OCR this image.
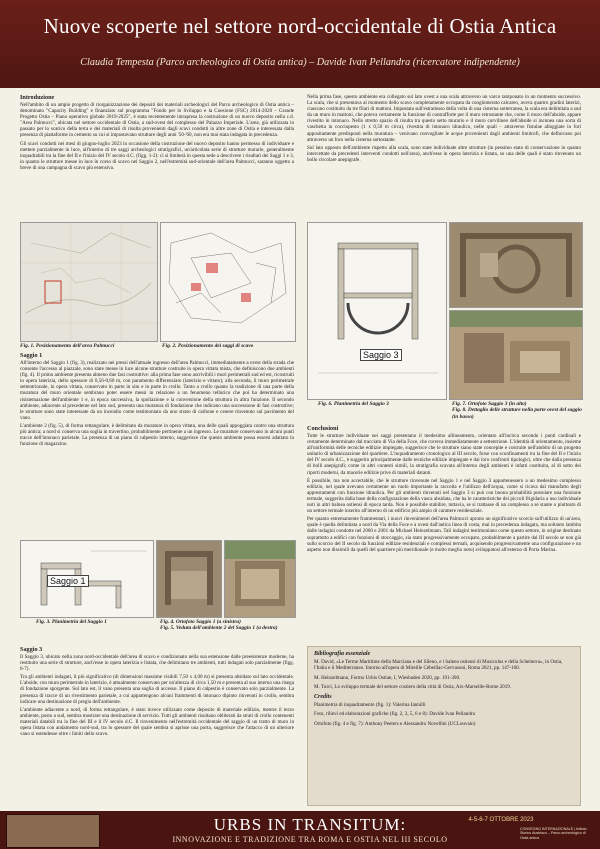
Nuove scoperte nel settore nord-occidentale di Ostia Antica
Claudia Tempesta (Parco archeologico di Ostia antica) – Davide Ivan Pellandra (ricercatore indipendente)
Introduzione

Nell'ambito di un ampio progetto di riorganizzazione dei depositi dei materiali archeologici del Parco archeologico di Ostia antica – denominato "Capacity Building" e finanziato sul programma "Fondo per lo Sviluppo e la Coesione (FSC) 2014-2020 – Grande Progetto Ostia – Piano operativo globale 2019-2025", è stata recentemente intrapresa la costruzione di un nuovo deposito nella c.d. "Area Palmucci", ubicata nel settore occidentale di Ostia, a sud-ovest del complesso del Palazzo Imperiale. L'area, già utilizzata in passato per lo scarico della terra e dei materiali di risulta provenienti dagli scavi condotti in altre zone di Ostia e interessata dalla presenza di piattaforme in cemento su cui si impostavano strutture degli anni '50-'60, non era mai stata indagata in precedenza.

Gli scavi condotti nei mesi di giugno-luglio 2023 in occasione della costruzione del nuovo deposito hanno permesso di individuare e mettere parzialmente in luce, all'interno di tre saggi archeologici stratigrafici, un'articolata serie di strutture murarie, generalmente inquadrabili tra la fine del II e l'inizio del IV secolo d.C. (figg. 1-2): ci si limiterà in questa sede a descrivere i risultati dei Saggi 1 e 3, in quanto le strutture messe in luce in corso di scavo nel Saggio 2, nell'estremità sud-orientale dell'area Palmucci, saranno oggetto a breve di una campagna di scavo più estensiva.

Fig. 1. Posizionamento dell'area Palmucci	Fig. 2. Posizionamento dei saggi di scavo
Saggio 1

All'interno del Saggio 1 (fig. 3), realizzato nei pressi dell'attuale ingresso dell'area Palmucci, immediatamente a ovest della strada che consente l'accesso al piazzale, sono state messe in luce alcune strutture costruite in opera vittata mista, che definiscono due ambienti (fig. 4). Il primo ambiente presenta almeno due fasi costruttive: alla prima fase sono ascrivibili i muri perimetrali sud ed est, ricostruiti in opera laterizia, dello spessore di 0,56-0,60 m, con paramento differenziato (laterizio e vittato); alla seconda, il muro perimetrale settentrionale, in opera vittata, conservato in parte in situ e in parte in crollo. Tanto a crollo quanto la tradizione di una parte della muratura del muro orientale sembrano poter essere messi in relazione a un fenomeno tellurico che poi ha determinato una risistemazione dell'ambiente 1 e, in epoca successiva, la spoliazione e la conversione della struttura in altra funzione. Il secondo ambiente, adiacente al precedente nel lato sud, presenta una muratura di fondazione che indicano una successione di fasi costruttive; le strutture sono state interessate da un incendio come testimoniato da uno strato di carbone e cenere rinvenuto sul pavimento del vano.

L'ambiente 2 (fig. 5), di forma rettangolare, è delimitato da murature in opera vittata, una delle quali appoggiata contro una struttura più antica; a nord si conserva una soglia in travertino, probabilmente pertinente a un ingresso. Le murature conservano in alcuni punti tracce dell'intonaco parietale. La presenza di un piano di calpestio interno, suggerisce che questo ambiente possa essersi adattato in funzione di magazzino.

Saggio 1
Fig. 3. Planimetria del Saggio 1	Fig. 4. Ortofoto Saggio 1 (a sinistra)
Fig. 5. Veduta dell'ambiente 2 del Saggio 1 (a destra)
Saggio 3

Il Saggio 3, ubicato nella zona nord-occidentale dell'area di scavo e condizionato nella sua estensione dalle preesistenze moderne, ha restituito una serie di strutture, anch'esse in opera laterizia e listata, che delimitano tre ambienti, tutti indagati solo parzialmente (figg. 6-7).

Tra gli ambienti indagati, il più significativo (di dimensioni massime visibili 7,50 x 4,00 m) si presenta absidato sul lato occidentale. L'abside, con muro perimetrale in laterizio, è attualmente conservato per un'altezza di circa 1,50 m e presenta al suo interno una risega di fondazione sporgente. Sul lato est, il vano presenta una soglia di accesso. Il piano di calpestio è conservato solo parzialmente. La presenza di tracce di un rivestimento parietale, a cui appartengono alcuni frammenti di intonaco dipinto rinvenuti in crollo, sembra indicare una destinazione di pregio dell'ambiente.

L'ambiente adiacente a nord, di forma rettangolare, è stato invece utilizzato come deposito di materiale edilizio, mentre il terzo ambiente, posto a sud, sembra mostrare una destinazione di servizio. Tutti gli ambienti risultano obliterati da strati di crollo contenenti materiali databili tra la fine del III e il IV secolo d.C. Il rinvenimento nell'estremità occidentale del saggio di un tratto di muro in opera listata con andamento nord-sud, tra lo spessore del quale sembra si aprisse una porta, suggerisce che l'attacco di un ulteriore vano si estendesse oltre i limiti dello scavo.

Nella prima fase, questo ambiente era collegato sul lato ovest a una scala attraverso un varco tamponato in un momento successivo. La scala, che si presentava al momento dello scavo completamente occupata da conglomerato calcareo, aveva quattro gradini laterizi, ciascuno costituito da tre filari di mattoni. Impostata sull'estradosso della volta di una cisterna sotterranea, la scala era delimitata a sud da un muro in mattoni, che poteva certamente la funzione di contrafforte per il muro retrostante che, come il muro dell'abside, appare rivestito in intonaco. Nello stretto spazio di risulta tra questo setto murario e il muro curvilineo dell'abside si incunea una sorta di vaschetta in cocciopesto (1 x 0,50 m circa), rivestita di intonaco idraulico, nelle quali – attraverso fistulae alloggiate in fori appositamente predisposti nella muratura – venivano convogliate le acque provenienti dagli ambienti limitrofi, che defluivano poi attraverso un foro nella cisterna sottostante.

Sul lato opposto dell'ambiente rispetto alla scala, sono state individuate altre strutture (in pessimo stato di conservazione in quanto intercettate da precedenti interventi condotti nell'area), anch'esse in opera laterizia e listata, su una delle quali è stato rinvenuto un bollo circolare anepigrafe.

Saggio 3
Fig. 6. Planimetria del Saggio 3	Fig. 7. Ortofoto Saggio 3 (in alto)
Fig. 8. Dettaglio delle strutture nella parte ovest del saggio (in basso)
Conclusioni

Tutte le strutture individuate nei saggi presentano il medesimo allineamento, orientato all'incirca secondo i punti cardinali e certamente determinato dal tracciato di Via della Foce, che correva immediatamente a settentrione. L'identità di orientamento, insieme all'uniformità delle tecniche edilizie impiegate, suggerisce che le strutture siano state concepite e costruite nell'ambito di un progetto unitario di urbanizzazione del quartiere. L'inquadramento cronologico al III secolo, forse con sconfinamenti tra la fine del II e l'inizio del IV secolo d.C., è suggerito principalmente dalle tecniche edilizie impiegate e dai loro confronti tipologici, oltre che dalla presenza di bolli anepigrafi; come in altri contesti simili, la stratigrafia scavata all'interno degli ambienti è infatti costituita, al di sotto dei riporti moderni, da macerie edilizie prive di materiali datanti.

È possibile, ma non accertabile, che le strutture rinvenute nel Saggio 1 e nel Saggio 3 appartenessero a un medesimo complesso edilizio, nel quale avevano certamente un ruolo importante la raccolta e l'utilizzo dell'acqua, come si ricava dal manufatto degli apprestamenti con funzione idraulica. Per gli ambienti rinvenuti nel Saggio 3 si può con buona probabilità postulare una funzione termale, suggerita dalla base della configurazione della vasca absidata, che ha le caratteristiche dei piccoli frigidaria a uso individuale noti in altri balnea ostiensi di epoca tarda. Non è possibile stabilire, tuttavia, se si trattasse di un complesso a sé stante o piuttosto di un settore termale inserito all'interno di un edificio più ampio di carattere residenziale.

Per quanto estremamente frammentari, i nuovi rinvenimenti dell'area Palmucci aprono un significativo scorcio sull'utilizzo di un'area, quale è quella delimitata a nord da Via della Foce e a ovest dall'antica linea di costa, mai in precedenza indagata, ma soltanto lambita dalle indagini condotte nel 2000 e 2001 da Michael Heinzelmann. Tali indagini testimoniano come questo settore, in origine destinato soprattutto a edifici con funzioni di stoccaggio, sia stato progressivamente occupato, probabilmente a partire dal III secolo se non già sullo scorcio del II secolo da funzioni edilizie residenziali e complessi termali, acquisendo progressivamente una configurazione e un aspetto non dissimili da quelli del quartiere più meridionale (e molto meglio noto) sviluppatosi all'esterno di Porta Marina.

Bibliografia essenziale

M. David, «Le Terme Marittime della Marciana e del Sileno, e i balnea ostiensi di Musiculus e della Scheiterra», in Ostia, l'Italia e il Mediterraneo. Intorno all'opera di Mireille Cébeillac-Gervasoni, Roma 2021, pp. 147-160.

M. Heinzelmann, Formo Urbis Ostiae, I, Wiesbaden 2020, pp. 191-300.

M. Turci, Lo sviluppo termale del settore costiero della città di Ostia, Aix-Marseille-Rome 2019.

Credits

Planimetria di inquadramento (fig. 1): Valerina Iannilli

Foto, rilievi ed elaborazioni grafiche (fig. 2, 3, 5, 6 e 8): Davide Ivan Pellandra

Ortofoto (fig. 4 e fig. 7): Anthony Peeters e Alessandro Novellini (UCLouvain)

URBS IN TRANSITUM:
INNOVAZIONE E TRADIZIONE TRA ROMA E OSTIA NEL III SECOLO
4-5-6-7 OTTOBRE 2023
CONVEGNO INTERNAZIONALE | Istituto Storico Austriaco – Parco archeologico di Ostia antica
